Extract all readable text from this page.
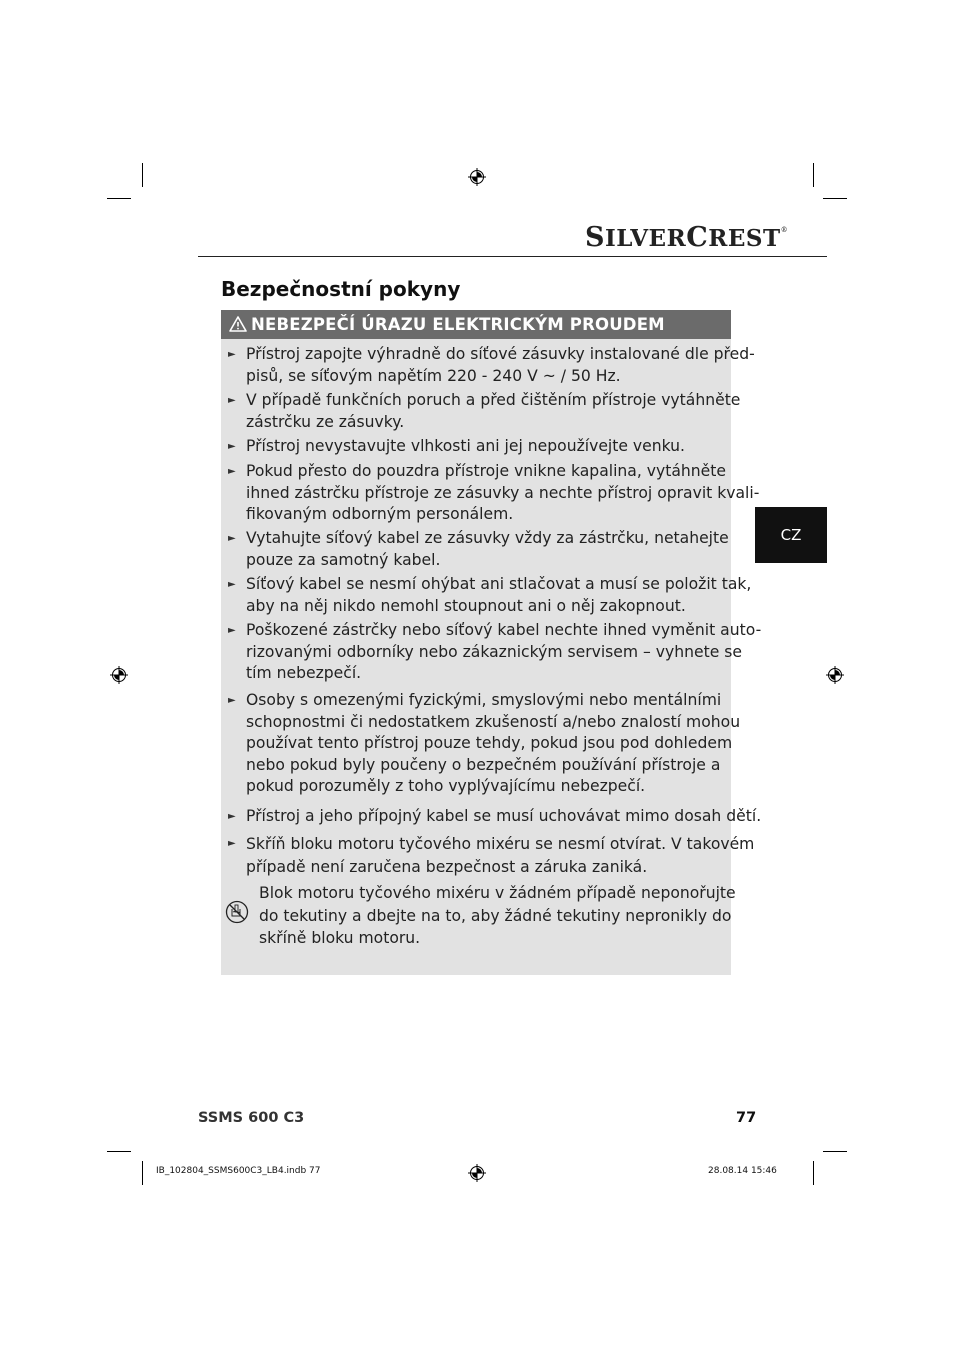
SILVERCREST®
Bezpečnostní pokyny
NEBEZPEČÍ ÚRAZU ELEKTRICKÝM PROUDEM
► Přístroj zapojte výhradně do síťové zásuvky instalované dle před-
pisů, se síťovým napětím 220 - 240 V ~ / 50 Hz.
► V případě funkčních poruch a před čištěním přístroje vytáhněte
zástrčku ze zásuvky.
► Přístroj nevystavujte vlhkosti ani jej nepoužívejte venku.
► Pokud přesto do pouzdra přístroje vnikne kapalina, vytáhněte
ihned zástrčku přístroje ze zásuvky a nechte přístroj opravit kvali-
fikovaným odborným personálem.
► Vytahujte síťový kabel ze zásuvky vždy za zástrčku, netahejte
pouze za samotný kabel.
► Síťový kabel se nesmí ohýbat ani stlačovat a musí se položit tak,
aby na něj nikdo nemohl stoupnout ani o něj zakopnout.
► Poškozené zástrčky nebo síťový kabel nechte ihned vyměnit auto-
rizovanými odborníky nebo zákaznickým servisem – vyhnete se
tím nebezpečí.
► Osoby s omezenými fyzickými, smyslovými nebo mentálními
schopnostmi či nedostatkem zkušeností a/nebo znalostí mohou
používat tento přístroj pouze tehdy, pokud jsou pod dohledem
nebo pokud byly poučeny o bezpečném používání přístroje a
pokud porozuměly z toho vyplývajícímu nebezpečí.
► Přístroj a jeho přípojný kabel se musí uchovávat mimo dosah dětí.
► Skříň bloku motoru tyčového mixéru se nesmí otvírat. V takovém
případě není zaručena bezpečnost a záruka zaniká.
Blok motoru tyčového mixéru v žádném případě neponořujte
do tekutiny a dbejte na to, aby žádné tekutiny nepronikly do
skříně bloku motoru.
CZ
SSMS 600 C3	77
IB_102804_SSMS600C3_LB4.indb 77	28.08.14 15:46
